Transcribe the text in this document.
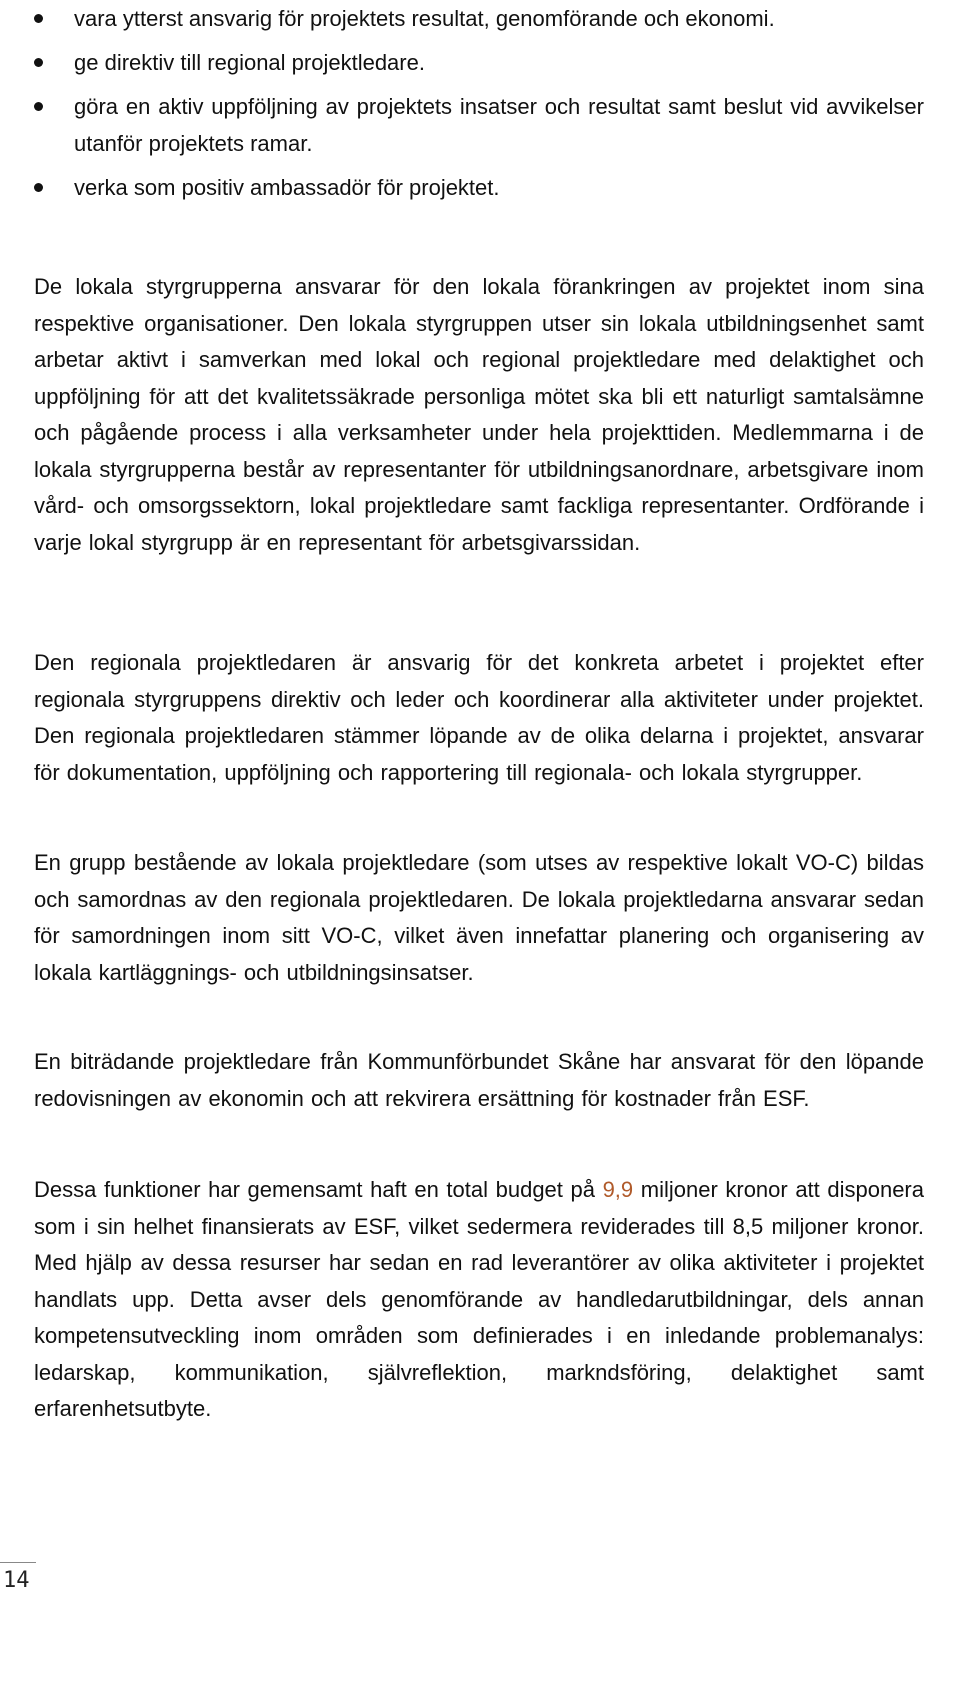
vara ytterst ansvarig för projektets resultat, genomförande och ekonomi.
ge direktiv till regional projektledare.
göra en aktiv uppföljning av projektets insatser och resultat samt beslut vid avvikelser utanför projektets ramar.
verka som positiv ambassadör för projektet.

De lokala styrgrupperna ansvarar för den lokala förankringen av projektet inom sina respektive organisationer. Den lokala styrgruppen utser sin lokala utbildningsenhet samt arbetar aktivt i samverkan med lokal och regional projektledare med delaktighet och uppföljning för att det kvalitetssäkrade personliga mötet ska bli ett naturligt samtalsämne och pågående process i alla verksamheter under hela projekttiden. Medlemmarna i de lokala styrgrupperna består av representanter för utbildningsanordnare, arbetsgivare inom vård- och omsorgssektorn, lokal projektledare samt fackliga representanter. Ordförande i varje lokal styrgrupp är en representant för arbetsgivarssidan.

Den regionala projektledaren är ansvarig för det konkreta arbetet i projektet efter regionala styrgruppens direktiv och leder och koordinerar alla aktiviteter under projektet. Den regionala projektledaren stämmer löpande av de olika delarna i projektet, ansvarar för dokumentation, uppföljning och rapportering till regionala- och lokala styrgrupper.

En grupp bestående av lokala projektledare (som utses av respektive lokalt VO-C) bildas och samordnas av den regionala projektledaren. De lokala projektledarna ansvarar sedan för samordningen inom sitt VO-C, vilket även innefattar planering och organisering av lokala kartläggnings- och utbildningsinsatser.

En biträdande projektledare från Kommunförbundet Skåne har ansvarat för den löpande redovisningen av ekonomin och att rekvirera ersättning för kostnader från ESF.

Dessa funktioner har gemensamt haft en total budget på 9,9 miljoner kronor att disponera som i sin helhet finansierats av ESF, vilket sedermera reviderades till 8,5 miljoner kronor. Med hjälp av dessa resurser har sedan en rad leverantörer av olika aktiviteter i projektet handlats upp. Detta avser dels genomförande av handledarutbildningar, dels annan kompetensutveckling inom områden som definierades i en inledande problemanalys: ledarskap, kommunikation, självreflektion, markndsföring, delaktighet samt erfarenhetsutbyte.

14
